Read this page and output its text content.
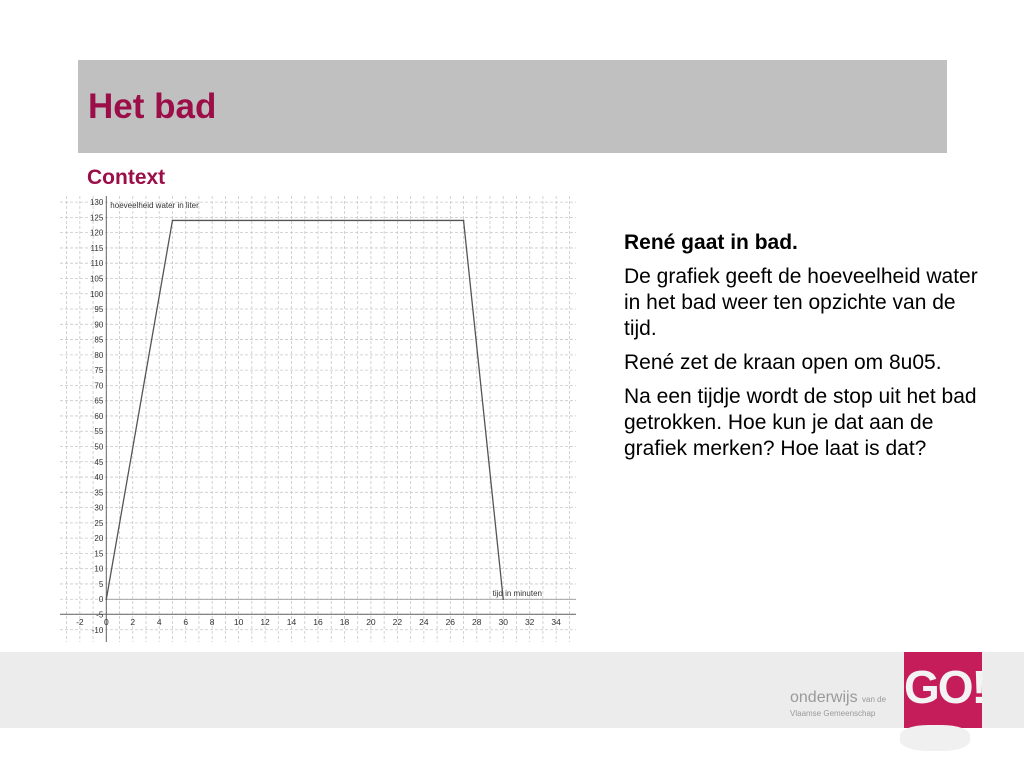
Het bad
Context
-10
-5
0
5
10
15
20
25
30
35
40
45
50
55
60
65
70
75
80
85
90
95
100
105
110
115
120
125
130
-2 0	2	4	6	8 10 12 14 16 18 20 22 24 26 28 30 32 34
hoeveelheid water in liter
tijd in minuten

René gaat in bad.

De grafiek geeft de hoeveelheid water in het bad weer ten opzichte van de tijd.

René zet de kraan open om 8u05.

Na een tijdje wordt de stop uit het bad getrokken. Hoe kun je dat aan de grafiek merken? Hoe laat is dat?

onderwijs van de
Vlaamse Gemeenschap
GO!
